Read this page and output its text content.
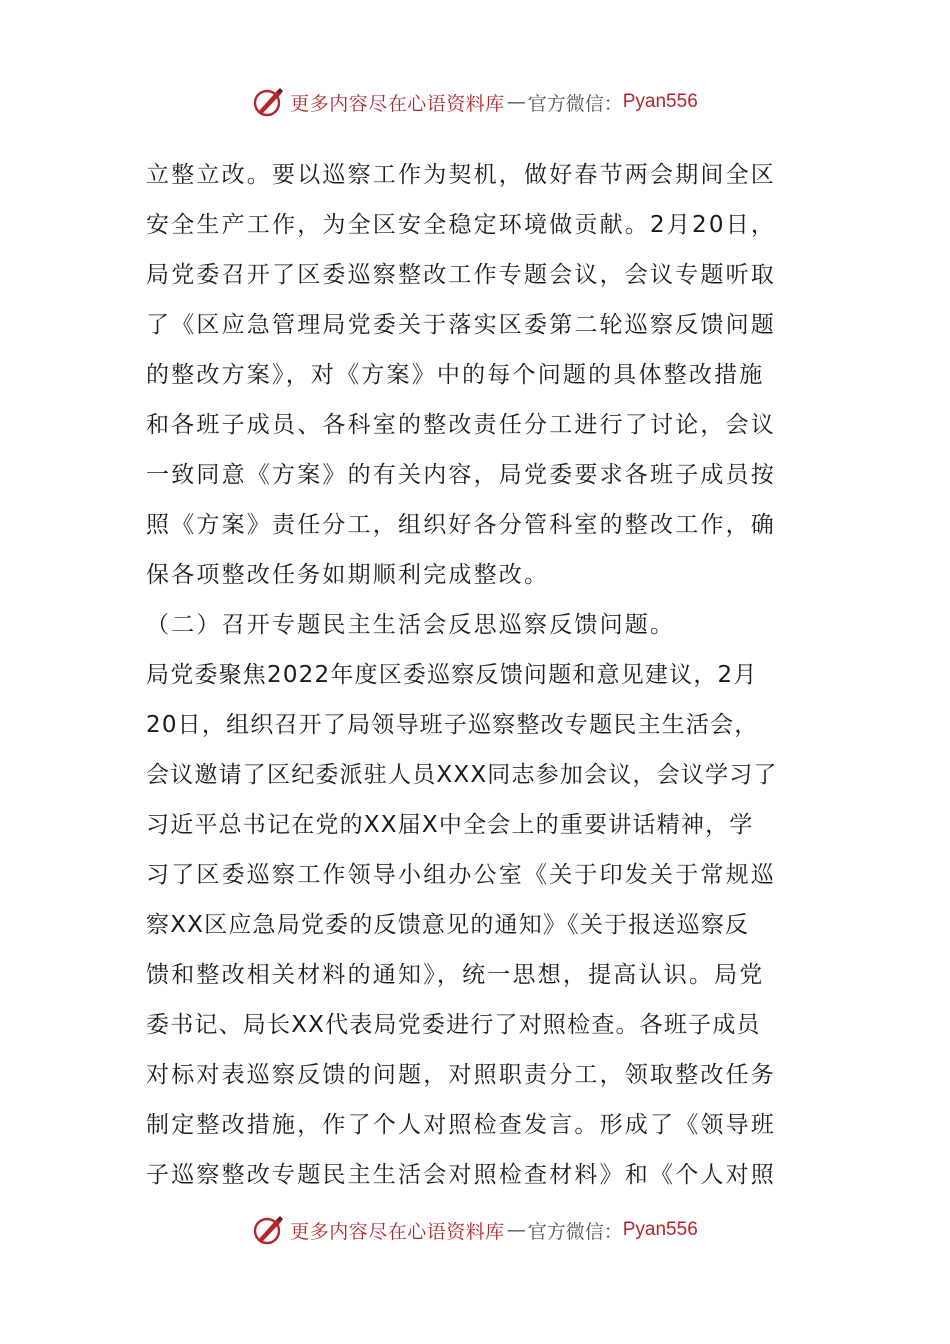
更多内容尽在心语资料库 — 官方微信： Pyan556
立整立改。要以巡察工作为契机，做好春节两会期间全区
安全生产工作，为全区安全稳定环境做贡献。2月20日，
局党委召开了区委巡察整改工作专题会议，会议专题听取
了《区应急管理局党委关于落实区委第二轮巡察反馈问题
的整改方案》，对《方案》中的每个问题的具体整改措施
和各班子成员、各科室的整改责任分工进行了讨论，会议
一致同意《方案》的有关内容，局党委要求各班子成员按
照《方案》责任分工，组织好各分管科室的整改工作，确
保各项整改任务如期顺利完成整改。
（二）召开专题民主生活会反思巡察反馈问题。
局党委聚焦2022年度区委巡察反馈问题和意见建议，2月
20日，组织召开了局领导班子巡察整改专题民主生活会，
会议邀请了区纪委派驻人员XXX同志参加会议，会议学习了
习近平总书记在党的XX届X中全会上的重要讲话精神，学
习了区委巡察工作领导小组办公室《关于印发关于常规巡
察XX区应急局党委的反馈意见的通知》《关于报送巡察反
馈和整改相关材料的通知》，统一思想，提高认识。局党
委书记、局长XX代表局党委进行了对照检查。各班子成员
对标对表巡察反馈的问题，对照职责分工，领取整改任务
制定整改措施，作了个人对照检查发言。形成了《领导班
子巡察整改专题民主生活会对照检查材料》和《个人对照
更多内容尽在心语资料库 — 官方微信： Pyan556
